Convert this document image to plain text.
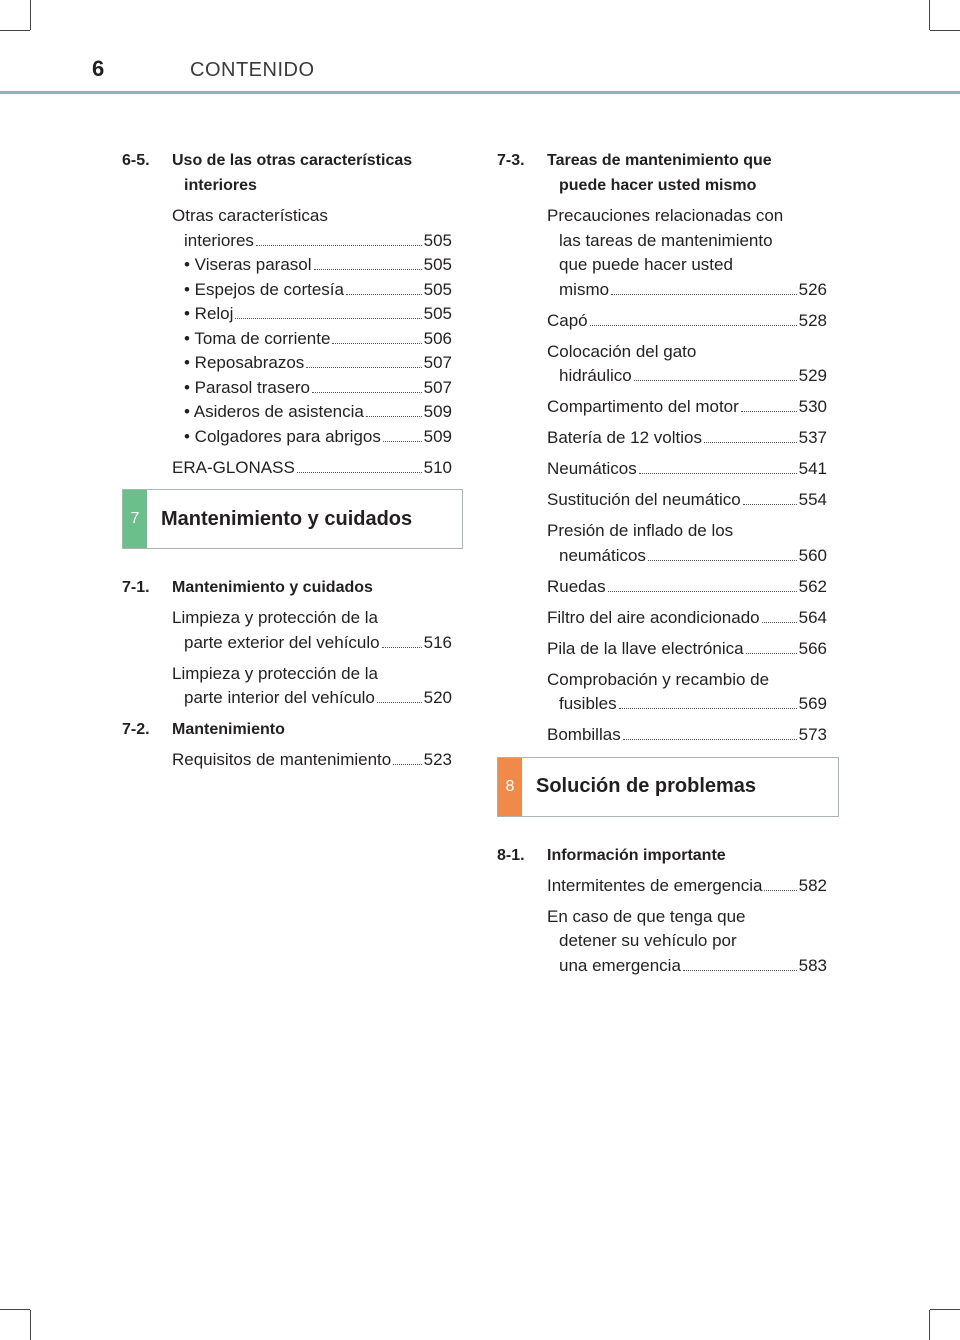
6	CONTENIDO
6-5. Uso de las otras características
interiores
Otras características
interiores	505
• Viseras parasol	505
• Espejos de cortesía	505
• Reloj	505
• Toma de corriente	506
• Reposabrazos	507
• Parasol trasero	507
• Asideros de asistencia	509
• Colgadores para abrigos	509
ERA-GLONASS	510
7	Mantenimiento y cuidados
7-1. Mantenimiento y cuidados
Limpieza y protección de la
parte exterior del vehículo	516
Limpieza y protección de la
parte interior del vehículo	520
7-2. Mantenimiento
Requisitos de mantenimiento 523
7-3. Tareas de mantenimiento que
puede hacer usted mismo
Precauciones relacionadas con
las tareas de mantenimiento
que puede hacer usted
mismo	526
Capó	528
Colocación del gato
hidráulico	529
Compartimento del motor	530
Batería de 12 voltios	537
Neumáticos	541
Sustitución del neumático	554
Presión de inflado de los
neumáticos	560
Ruedas	562
Filtro del aire acondicionado 564
Pila de la llave electrónica	566
Comprobación y recambio de
fusibles	569
Bombillas	573
8	Solución de problemas
8-1. Información importante
Intermitentes de emergencia 582
En caso de que tenga que
detener su vehículo por
una emergencia	583
